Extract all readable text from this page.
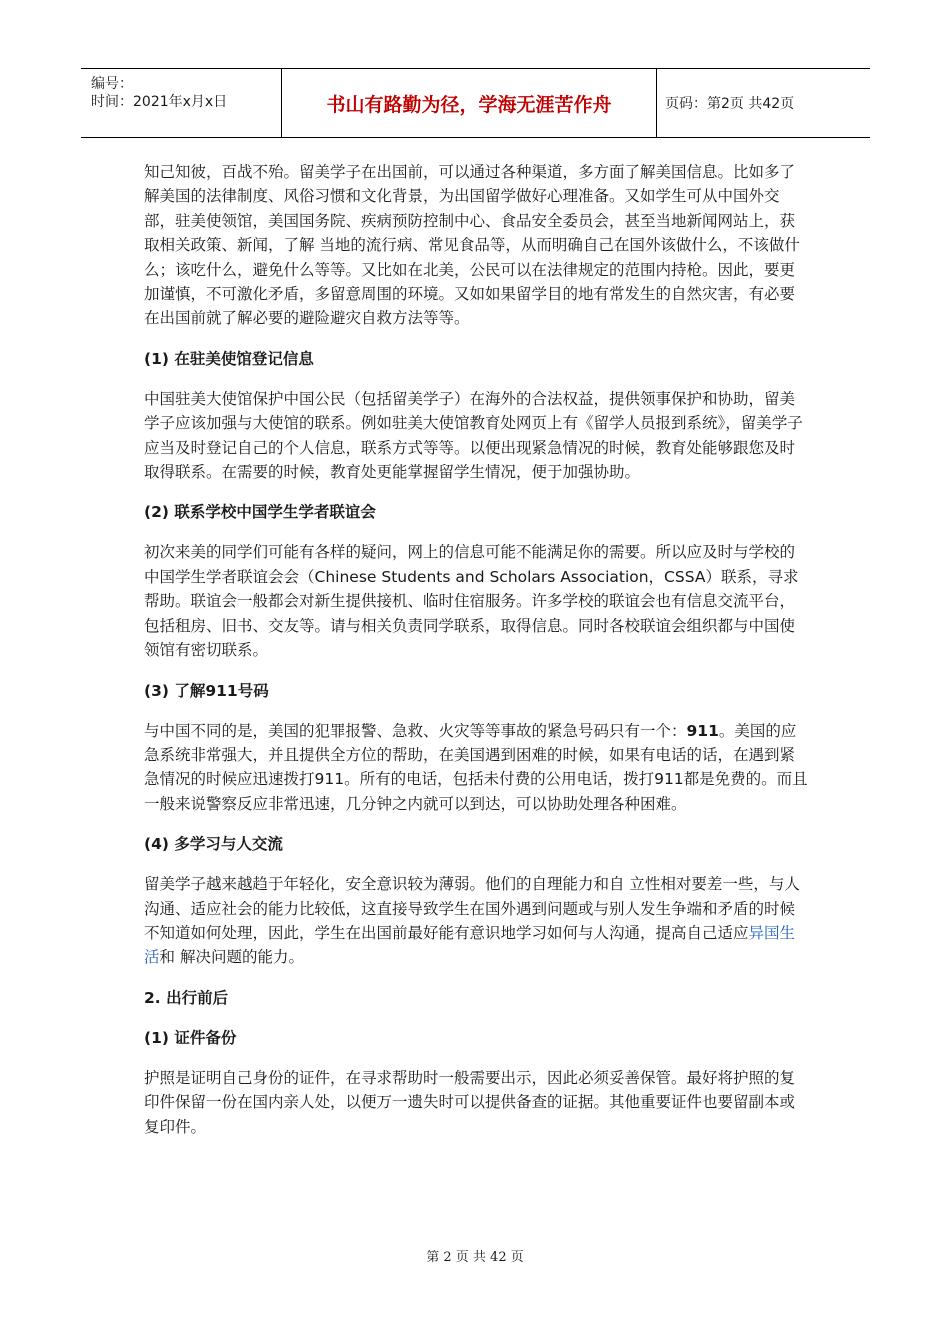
编号：
时间：2021年x月x日	书山有路勤为径，学海无涯苦作舟	页码：第2页 共42页

知己知彼，百战不殆。留美学子在出国前，可以通过各种渠道，多方面了解美国信息。比如多了解美国的法律制度、风俗习惯和文化背景，为出国留学做好心理准备。又如学生可从中国外交部，驻美使领馆，美国国务院、疾病预防控制中心、食品安全委员会，甚至当地新闻网站上，获取相关政策、新闻，了解 当地的流行病、常见食品等，从而明确自己在国外该做什么，不该做什么；该吃什么，避免什么等等。又比如在北美，公民可以在法律规定的范围内持枪。因此，要更加谨慎，不可激化矛盾，多留意周围的环境。又如如果留学目的地有常发生的自然灾害，有必要在出国前就了解必要的避险避灾自救方法等等。

(1) 在驻美使馆登记信息

中国驻美大使馆保护中国公民（包括留美学子）在海外的合法权益，提供领事保护和协助，留美学子应该加强与大使馆的联系。例如驻美大使馆教育处网页上有《留学人员报到系统》，留美学子应当及时登记自己的个人信息，联系方式等等。以便出现紧急情况的时候，教育处能够跟您及时取得联系。在需要的时候，教育处更能掌握留学生情况，便于加强协助。

(2) 联系学校中国学生学者联谊会

初次来美的同学们可能有各样的疑问，网上的信息可能不能满足你的需要。所以应及时与学校的中国学生学者联谊会会（Chinese Students and Scholars Association，CSSA）联系，寻求帮助。联谊会一般都会对新生提供接机、临时住宿服务。许多学校的联谊会也有信息交流平台，包括租房、旧书、交友等。请与相关负责同学联系，取得信息。同时各校联谊会组织都与中国使领馆有密切联系。

(3) 了解911号码

与中国不同的是，美国的犯罪报警、急救、火灾等等事故的紧急号码只有一个：911。美国的应急系统非常强大，并且提供全方位的帮助，在美国遇到困难的时候，如果有电话的话，在遇到紧急情况的时候应迅速拨打911。所有的电话，包括未付费的公用电话，拨打911都是免费的。而且一般来说警察反应非常迅速，几分钟之内就可以到达，可以协助处理各种困难。

(4) 多学习与人交流

留美学子越来越趋于年轻化，安全意识较为薄弱。他们的自理能力和自 立性相对要差一些，与人沟通、适应社会的能力比较低，这直接导致学生在国外遇到问题或与别人发生争端和矛盾的时候不知道如何处理，因此，学生在出国前最好能有意识地学习如何与人沟通，提高自己适应异国生活和 解决问题的能力。

2. 出行前后
(1) 证件备份

护照是证明自己身份的证件，在寻求帮助时一般需要出示，因此必须妥善保管。最好将护照的复印件保留一份在国内亲人处，以便万一遗失时可以提供备查的证据。其他重要证件也要留副本或复印件。

第 2 页 共 42 页
